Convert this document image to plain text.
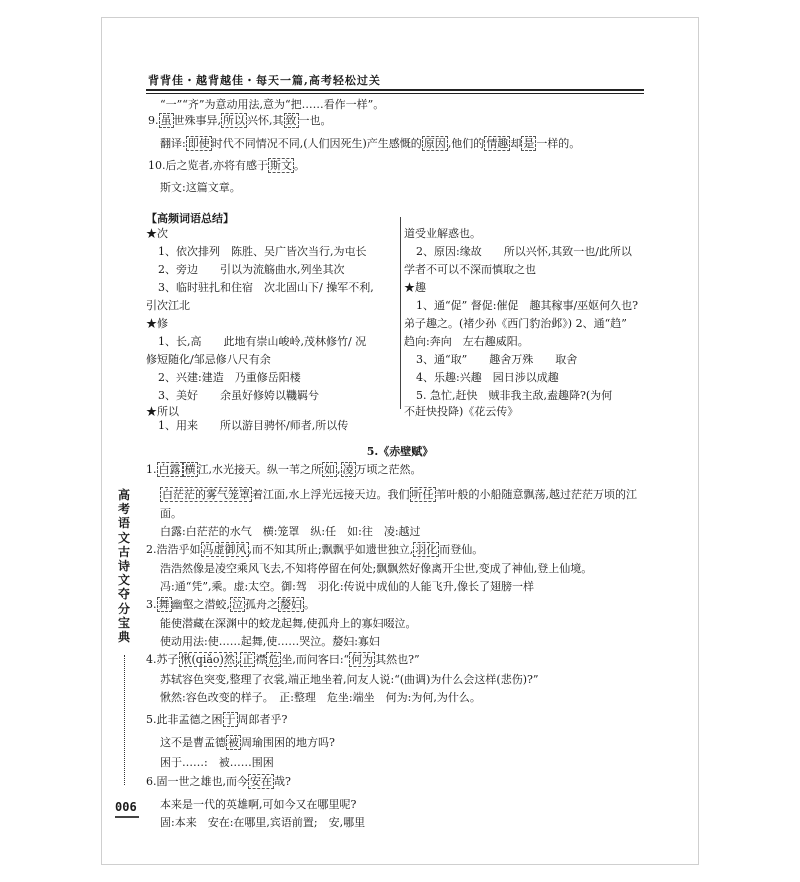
背背佳・越背越佳・每天一篇,高考轻松过关
“一”“齐”为意动用法,意为“把……看作一样”。
9. 虽 世殊事异, 所以 兴怀,其 致 一也。
翻译: 即使 时代不同情况不同,(人们因死生)产生感慨的 原因 ,他们的 情趣 却 是 一样的。
10.后之览者,亦将有感于 斯文 。
斯文:这篇文章。
【高频词语总结】
★次
1、依次排列　陈胜、吴广皆次当行,为屯长
2、旁边　　引以为流觞曲水,列坐其次
3、临时驻扎和住宿　次北固山下/ 操军不利,
引次江北
★修
1、长,高　　此地有崇山峻岭,茂林修竹/ 况
修短随化/邹忌修八尺有余
2、兴建:建造　乃重修岳阳楼
3、美好　　余虽好修姱以鞿羁兮
★所以
1、用来　　所以游目骋怀/师者,所以传
道受业解惑也。
2、原因:缘故　　所以兴怀,其致一也/此所以
学者不可以不深而慎取之也
★趣
1、通“促” 督促:催促　趣其稼事/巫妪何久也?
弟子趣之。(褚少孙《西门豹治邺》) 2、通“趋”
趋向:奔向　左右趣威阳。
3、通“取”　　趣舍万殊　　取舍
4、乐趣:兴趣　园日涉以成趣
5. 急忙,赶快　贼非我主敌,盍趣降?(为何
不赶快投降)《花云传》
5.《赤壁赋》
1. 白露 横 江,水光接天。纵一苇之所 如 , 凌 万顷之茫然。
白茫茫的雾气笼罩 着江面,水上浮光远接天边。我们 听任 苇叶般的小船随意飘荡,越过茫茫万顷的江
面。
白露:白茫茫的水气　横:笼罩　纵:任　如:往　凌:越过
2.浩浩乎如 冯虚御风 ,而不知其所止;飘飘乎如遗世独立, 羽化 而登仙。
浩浩然像是凌空乘风飞去,不知将停留在何处;飘飘然好像离开尘世,变成了神仙,登上仙境。
冯:通“凭”,乘。虚:太空。御:驾　羽化:传说中成仙的人能飞升,像长了翅膀一样
3. 舞 幽壑之潜蛟, 泣 孤舟之 嫠妇 。
能使潜藏在深渊中的蛟龙起舞,使孤舟上的寡妇啜泣。
使动用法:使……起舞,使……哭泣。嫠妇:寡妇
4.苏子 愀(qiǎo)然 , 正 襟 危 坐,而问客曰:“ 何为 其然也?”
苏轼容色突变,整理了衣裳,端正地坐着,问友人说:“(曲调)为什么会这样(悲伤)?”
愀然:容色改变的样子。　正:整理　危坐:端坐　何为:为何,为什么。
5.此非孟德之困 于 周郎者乎?
这不是曹孟德 被 周瑜围困的地方吗?
困于……:　被……围困
6.固一世之雄也,而今 安在 哉?
本来是一代的英雄啊,可如今又在哪里呢?
固:本来　安在:在哪里,宾语前置;　安,哪里
高考语文古诗文夺分宝典
006
